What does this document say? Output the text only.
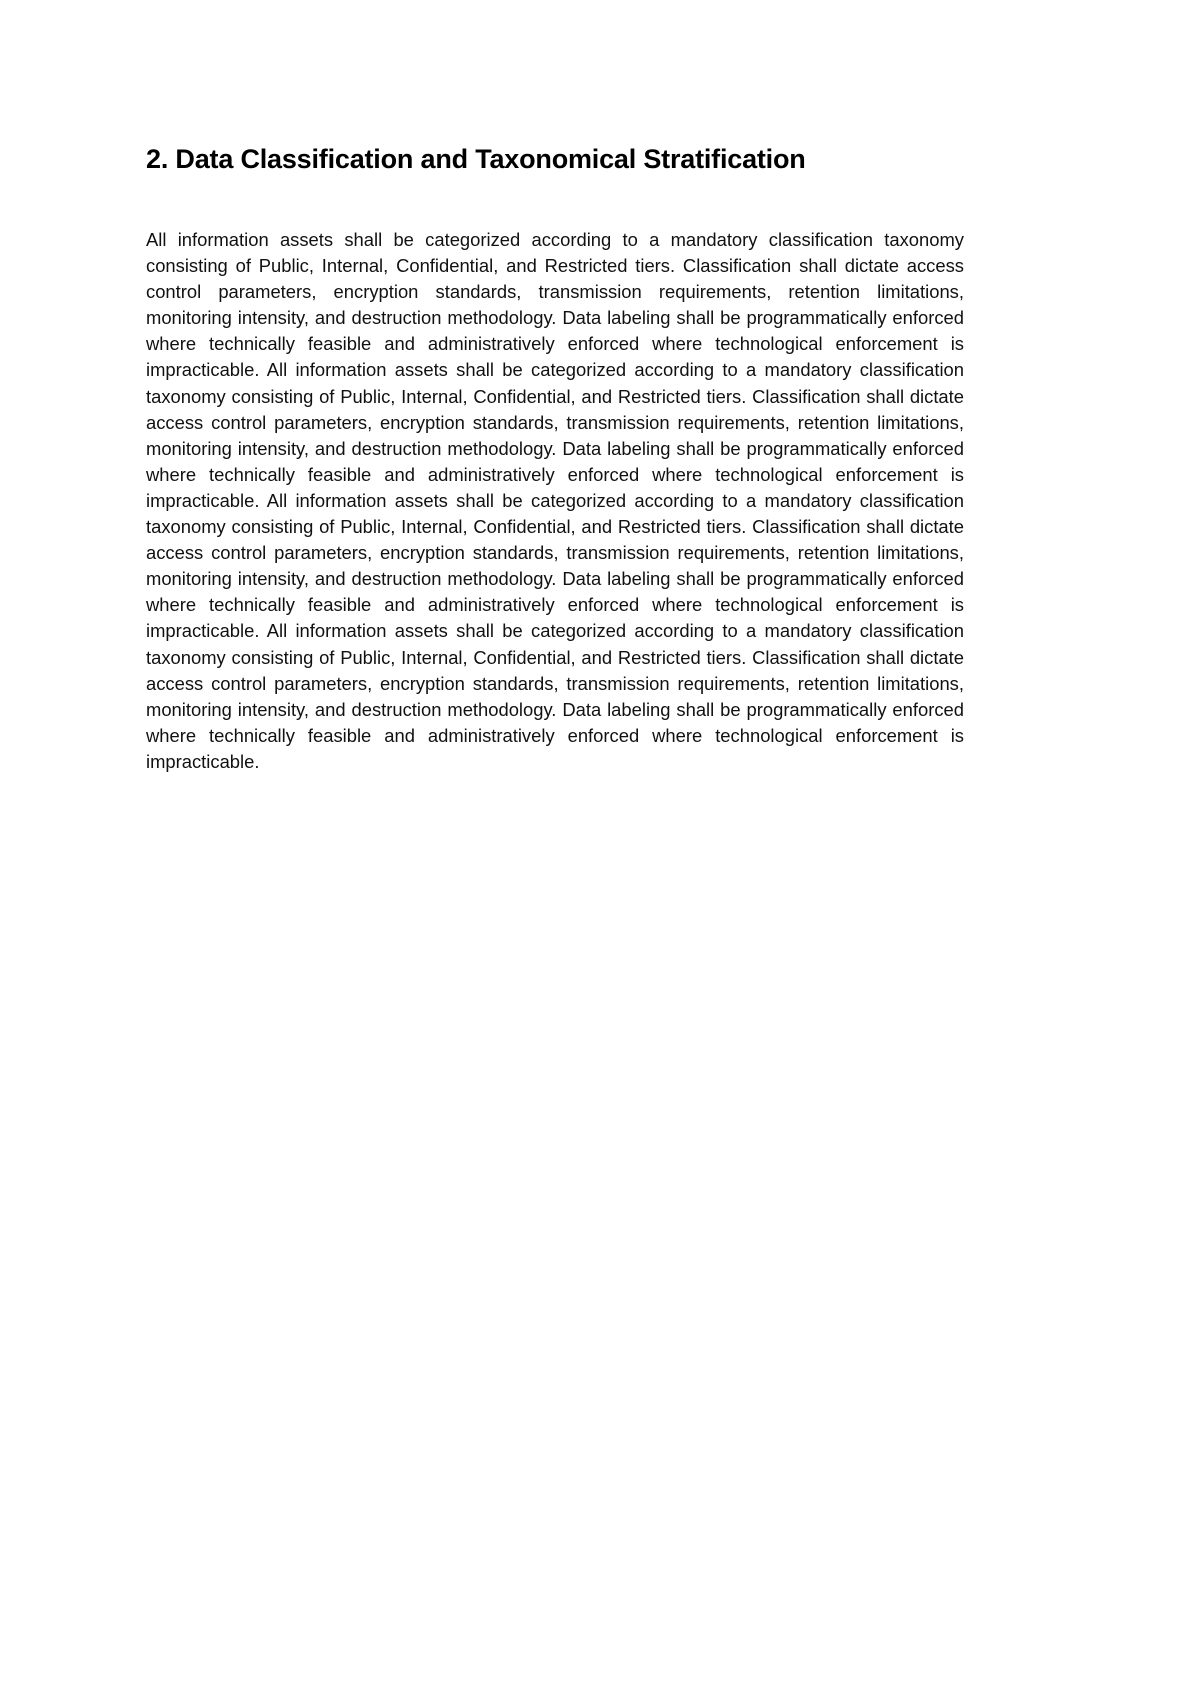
2. Data Classification and Taxonomical Stratification

All information assets shall be categorized according to a mandatory classification taxonomy consisting of Public, Internal, Confidential, and Restricted tiers. Classification shall dictate access control parameters, encryption standards, transmission requirements, retention limitations, monitoring intensity, and destruction methodology. Data labeling shall be programmatically enforced where technically feasible and administratively enforced where technological enforcement is impracticable. All information assets shall be categorized according to a mandatory classification taxonomy consisting of Public, Internal, Confidential, and Restricted tiers. Classification shall dictate access control parameters, encryption standards, transmission requirements, retention limitations, monitoring intensity, and destruction methodology. Data labeling shall be programmatically enforced where technically feasible and administratively enforced where technological enforcement is impracticable. All information assets shall be categorized according to a mandatory classification taxonomy consisting of Public, Internal, Confidential, and Restricted tiers. Classification shall dictate access control parameters, encryption standards, transmission requirements, retention limitations, monitoring intensity, and destruction methodology. Data labeling shall be programmatically enforced where technically feasible and administratively enforced where technological enforcement is impracticable. All information assets shall be categorized according to a mandatory classification taxonomy consisting of Public, Internal, Confidential, and Restricted tiers. Classification shall dictate access control parameters, encryption standards, transmission requirements, retention limitations, monitoring intensity, and destruction methodology. Data labeling shall be programmatically enforced where technically feasible and administratively enforced where technological enforcement is impracticable.
